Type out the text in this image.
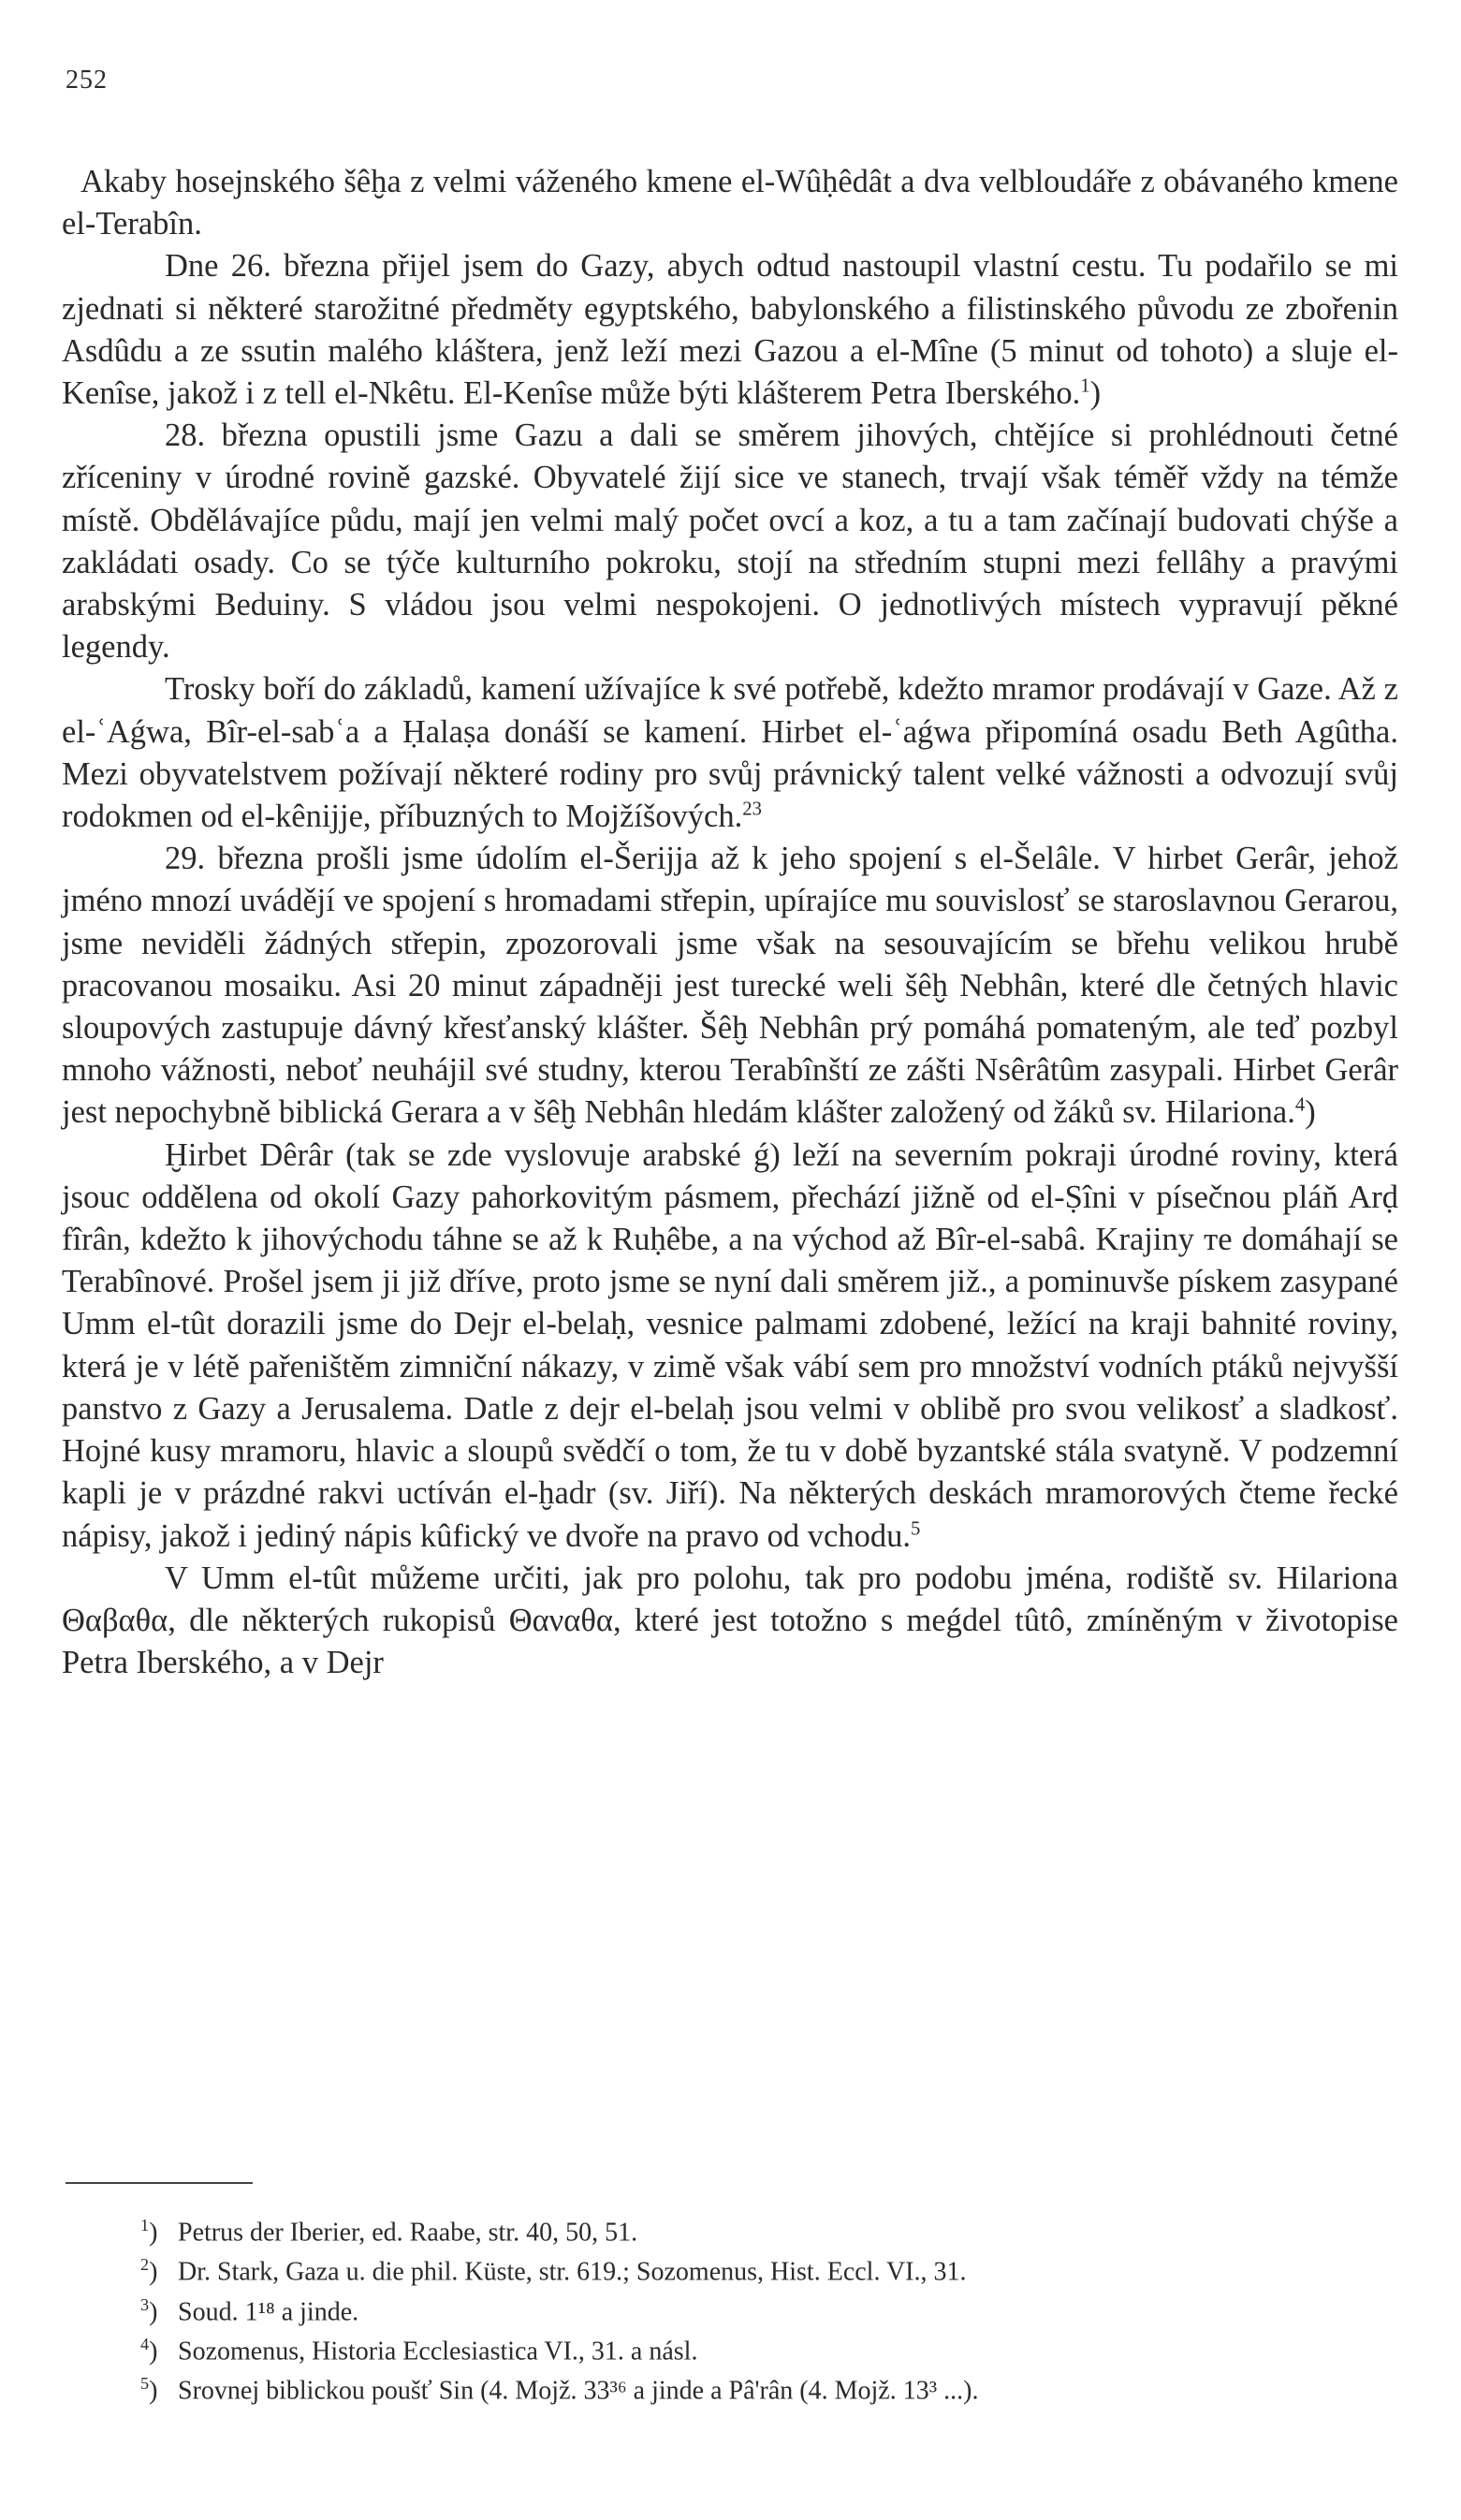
252

Akaby hosejnského šêḫa z velmi váženého kmene el-Wûḥêdât a dva velbloudáře z obávaného kmene el-Terabîn.

Dne 26. března přijel jsem do Gazy, abych odtud nastoupil vlastní cestu. Tu podařilo se mi zjednati si některé starožitné předměty egyptského, babylonského a filistinského původu ze zbořenin Asdûdu a ze ssutin malého kláštera, jenž leží mezi Gazou a el-Mîne (5 minut od tohoto) a sluje el-Kenîse, jakož i z tell el-Nkêtu. El-Kenîse může býti klášterem Petra Iberského.$^1$)

28. března opustili jsme Gazu a dali se směrem jihových, chtějíce si prohlédnouti četné zříceniny v úrodné rovině gazské. Obyvatelé žijí sice ve stanech, trvají však téměř vždy na témže místě. Obdělávajíce půdu, mají jen velmi malý počet ovcí a koz, a tu a tam začínají budovati chýše a zakládati osady. Co se týče kulturního pokroku, stojí na středním stupni mezi fellâhy a pravými arabskými Beduiny. S vládou jsou velmi nespokojeni. O jednotlivých místech vypravují pěkné legendy.

Trosky boří do základů, kamení užívajíce k své potřebě, kdežto mramor prodávají v Gaze. Až z el-ʿAǵwa, Bîr-el-sabʿa a Ḥalaṣa donáší se kamení. Hirbet el-ʿaǵwa připomíná osadu Beth Agûtha. Mezi obyvatelstvem požívají některé rodiny pro svůj právnický talent velké vážnosti a odvozují svůj rodokmen od el-kênijje, příbuzných to Mojžíšových.$^{23}$

29. března prošli jsme údolím el-Šerijja až k jeho spojení s el-Šelâle. V hirbet Gerâr, jehož jméno mnozí uvádějí ve spojení s hromadami střepin, upírajíce mu souvislosť se staroslavnou Gerarou, jsme neviděli žádných střepin, zpozorovali jsme však na sesouvajícím se břehu velikou hrubě pracovanou mosaiku. Asi 20 minut západněji jest turecké weli šêḫ Nebhân, které dle četných hlavic sloupových zastupuje dávný křesťanský klášter. Šêḫ Nebhân prý pomáhá pomateným, ale teď pozbyl mnoho vážnosti, neboť neuhájil své studny, kterou Terabînští ze zášti Nsêrâtûm zasypali. Hirbet Gerâr jest nepochybně biblická Gerara a v šêḫ Nebhân hledám klášter založený od žáků sv. Hilariona.$^4$)

Ḫirbet Dêrâr (tak se zde vyslovuje arabské ǵ) leží na severním pokraji úrodné roviny, která jsouc oddělena od okolí Gazy pahorkovitým pásmem, přechází jižně od el-Ṣîni v písečnou pláň Arḍ fîrân, kdežto k jihovýchodu táhne se až k Ruḥêbe, a na východ až Bîr-el-sabâ. Krajiny те domáhají se Terabînové. Prošel jsem ji již dříve, proto jsme se nyní dali směrem již., a pominuvše pískem zasypané Umm el-tût dorazili jsme do Dejr el-belaḥ, vesnice palmami zdobené, ležící na kraji bahnité roviny, která je v létě pařeništěm zimniční nákazy, v zimě však vábí sem pro množství vodních ptáků nejvyšší panstvo z Gazy a Jerusalema. Datle z dejr el-belaḥ jsou velmi v oblibě pro svou velikosť a sladkosť. Hojné kusy mramoru, hlavic a sloupů svědčí o tom, že tu v době byzantské stála svatyně. V podzemní kapli je v prázdné rakvi uctíván el-ḫadr (sv. Jiří). Na některých deskách mramorových čteme řecké nápisy, jakož i jediný nápis kûfický ve dvoře na pravo od vchodu.$^5$

V Umm el-tût můžeme určiti, jak pro polohu, tak pro podobu jména, rodiště sv. Hilariona Θαβαθα, dle některých rukopisů Θαναθα, které jest totožno s meǵdel tûtô, zmíněným v životopise Petra Iberského, a v Dejr

$^1$) Petrus der Iberier, ed. Raabe, str. 40, 50, 51.
$^2$) Dr. Stark, Gaza u. die phil. Küste, str. 619.; Sozomenus, Hist. Eccl. VI., 31.
$^3$) Soud. 1¹⁸ a jinde.
$^4$) Sozomenus, Historia Ecclesiastica VI., 31. a násl.
$^5$) Srovnej biblickou poušť Sin (4. Mojž. 33³⁶ a jinde a Pâ'rân (4. Mojž. 13³ ...).
